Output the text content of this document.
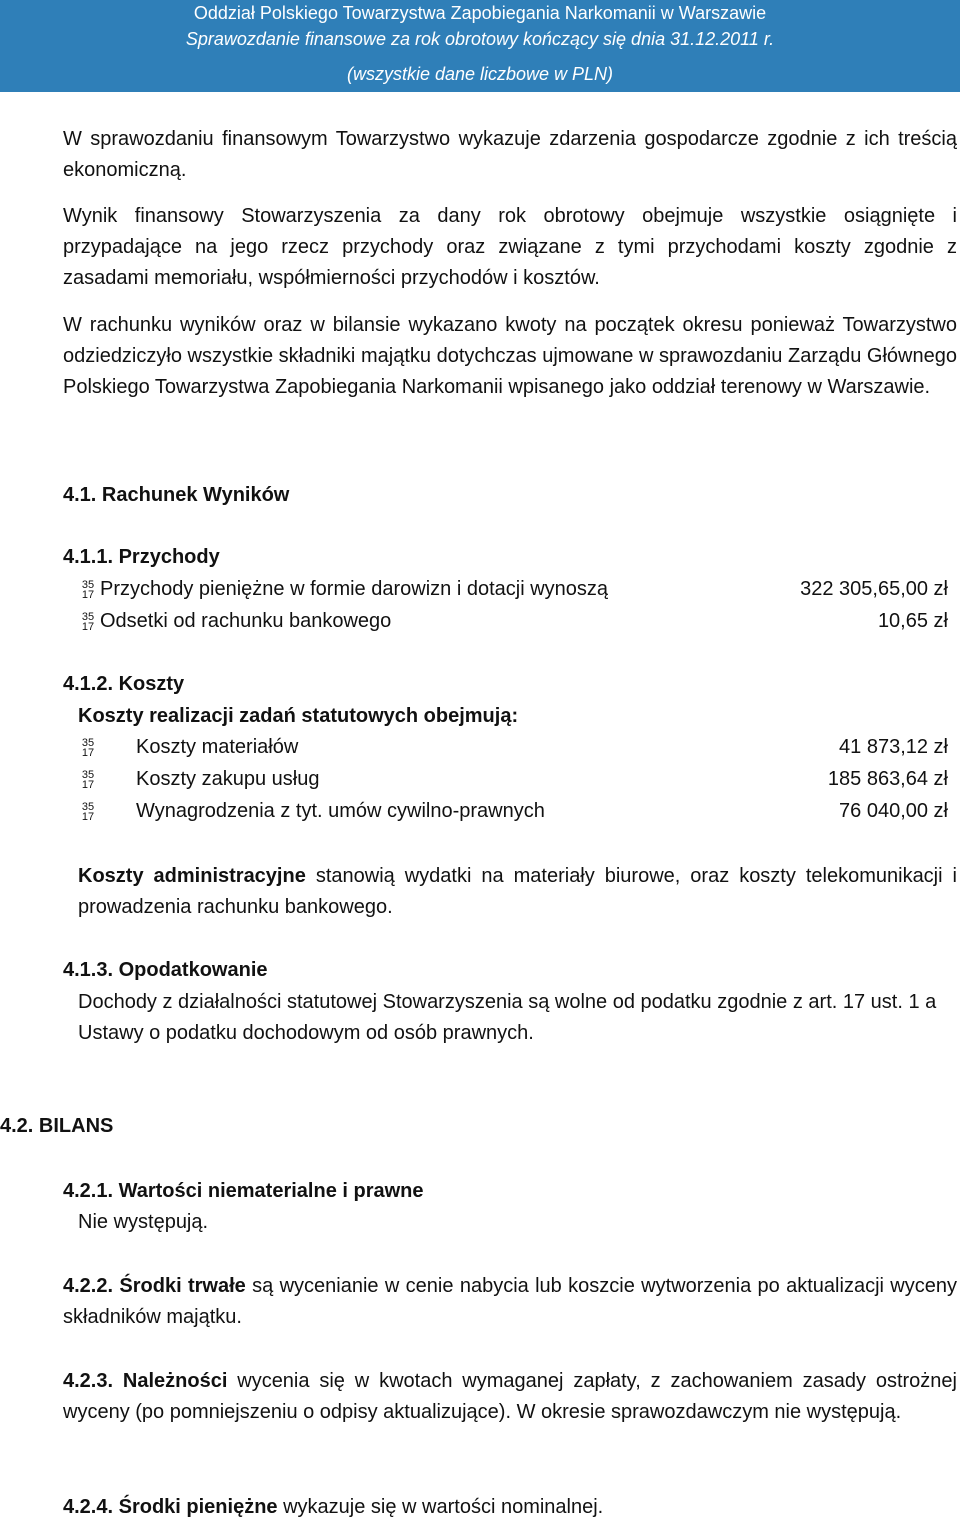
Oddział Polskiego Towarzystwa Zapobiegania Narkomanii w Warszawie
Sprawozdanie finansowe za rok obrotowy kończący się dnia 31.12.2011 r.
(wszystkie dane liczbowe w PLN)
W sprawozdaniu finansowym Towarzystwo wykazuje zdarzenia gospodarcze zgodnie z ich treścią ekonomiczną.
Wynik finansowy Stowarzyszenia za dany rok obrotowy obejmuje wszystkie osiągnięte i przypadające na jego rzecz przychody oraz związane z tymi przychodami koszty zgodnie z zasadami memoriału, współmierności przychodów i kosztów.
W rachunku wyników oraz w bilansie wykazano kwoty na początek okresu ponieważ Towarzystwo odziedziczyło wszystkie składniki majątku dotychczas ujmowane w sprawozdaniu Zarządu Głównego Polskiego Towarzystwa Zapobiegania Narkomanii wpisanego jako oddział terenowy w Warszawie.
4.1. Rachunek Wyników
4.1.1. Przychody
35
17 Przychody pieniężne w formie darowizn i dotacji wynoszą	322 305,65,00 zł
35
17 Odsetki od rachunku bankowego	10,65 zł
4.1.2. Koszty
Koszty realizacji zadań statutowych obejmują:
35
17 Koszty materiałów	41 873,12 zł
35
17 Koszty zakupu usług	185 863,64 zł
35
17 Wynagrodzenia z tyt. umów cywilno-prawnych	76 040,00 zł
Koszty administracyjne stanowią wydatki na materiały biurowe, oraz koszty telekomunikacji i prowadzenia rachunku bankowego.
4.1.3. Opodatkowanie
Dochody z działalności statutowej Stowarzyszenia są wolne od podatku zgodnie z art. 17 ust. 1 a Ustawy o podatku dochodowym od osób prawnych.
4.2. BILANS
4.2.1. Wartości niematerialne i prawne
Nie występują.
4.2.2. Środki trwałe są wycenianie w cenie nabycia lub koszcie wytworzenia po aktualizacji wyceny składników majątku.
4.2.3. Należności wycenia się w kwotach wymaganej zapłaty, z zachowaniem zasady ostrożnej wyceny (po pomniejszeniu o odpisy aktualizujące). W okresie sprawozdawczym nie występują.
4.2.4. Środki pieniężne wykazuje się w wartości nominalnej.
